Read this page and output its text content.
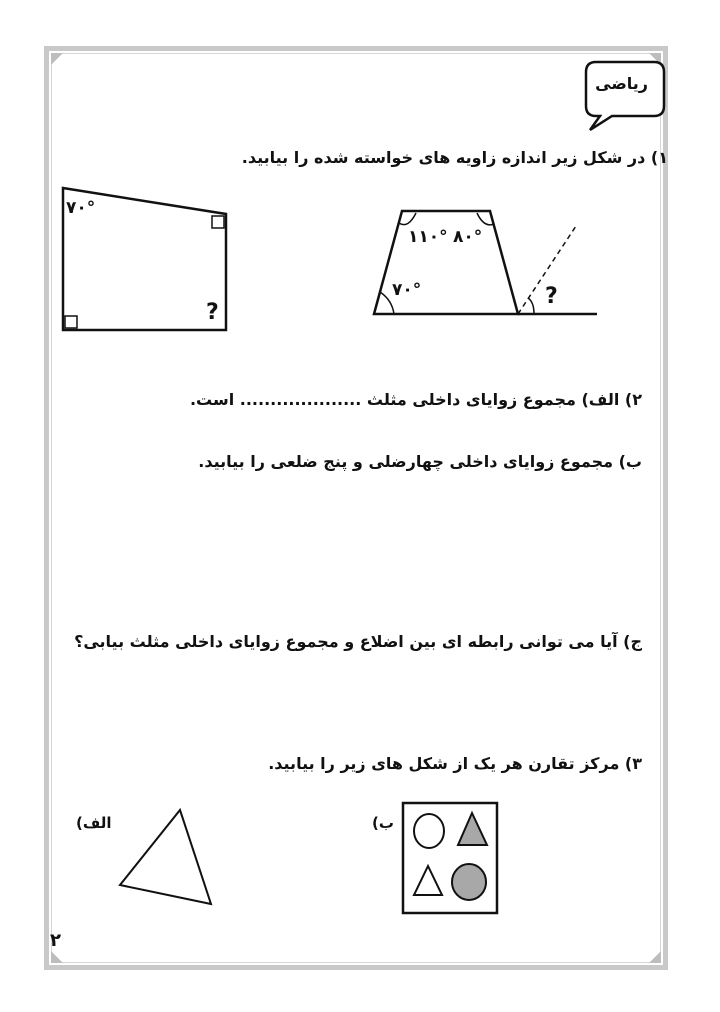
ریاضی
۱) در شکل زیر اندازه زاویه های خواسته شده را بیابید.
۷۰°
?
۱۱۰° ۸۰°
۷۰°	?
۲) الف) مجموع زوایای داخلی مثلث .................... است.
ب) مجموع زوایای داخلی چهارضلی و پنج ضلعی را بیابید.
ج) آیا می توانی رابطه ای بین اضلاع و مجموع زوایای داخلی مثلث بیابی؟
۳) مرکز تقارن هر یک از شکل های زیر را بیابید.
الف)	ب)
۲
